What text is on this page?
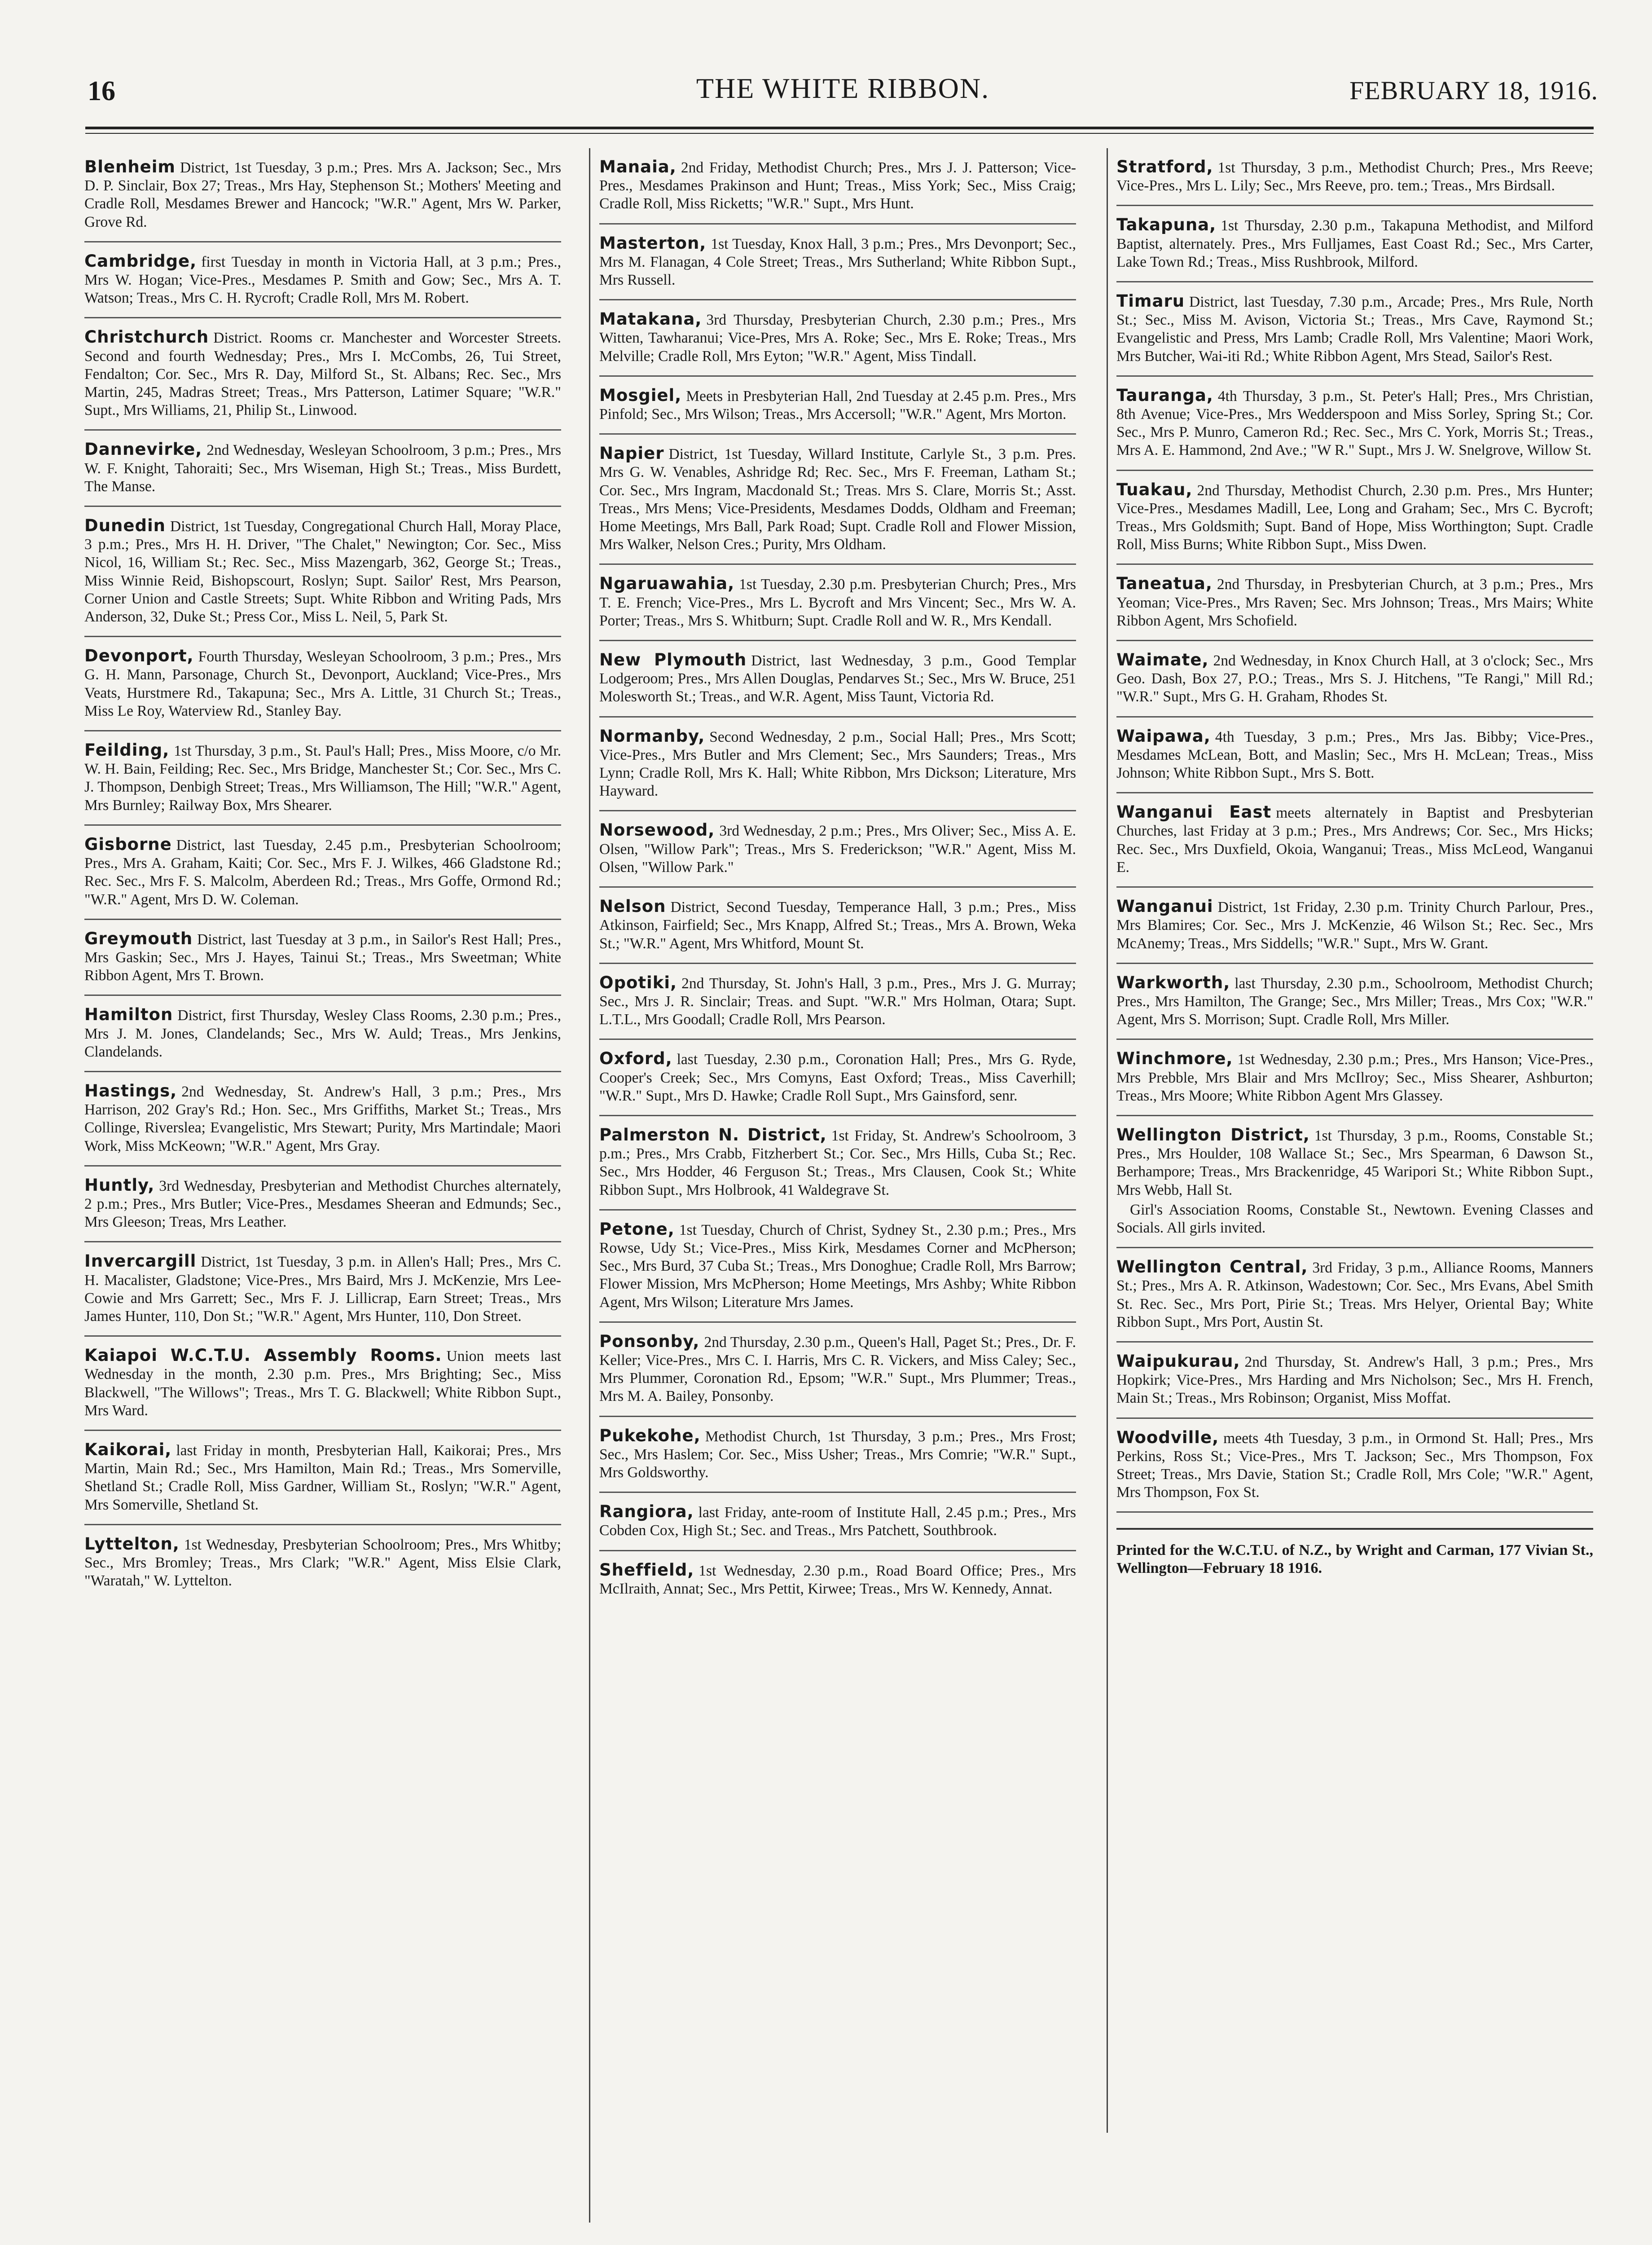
16	THE WHITE RIBBON.	FEBRUARY 18, 1916.
Blenheim District, 1st Tuesday, 3 p.m.; Pres. Mrs A. Jackson; Sec., Mrs D. P. Sinclair, Box 27; Treas., Mrs Hay, Stephenson St.; Mothers' Meeting and Cradle Roll, Mesdames Brewer and Hancock; "W.R." Agent, Mrs W. Parker, Grove Rd.
Cambridge, first Tuesday in month in Victoria Hall, at 3 p.m.; Pres., Mrs W. Hogan; Vice-Pres., Mesdames P. Smith and Gow; Sec., Mrs A. T. Watson; Treas., Mrs C. H. Rycroft; Cradle Roll, Mrs M. Robert.
Christchurch District. Rooms cr. Manchester and Worcester Streets. Second and fourth Wednesday; Pres., Mrs I. McCombs, 26, Tui Street, Fendalton; Cor. Sec., Mrs R. Day, Milford St., St. Albans; Rec. Sec., Mrs Martin, 245, Madras Street; Treas., Mrs Patterson, Latimer Square; "W.R." Supt., Mrs Williams, 21, Philip St., Linwood.
Dannevirke, 2nd Wednesday, Wesleyan Schoolroom, 3 p.m.; Pres., Mrs W. F. Knight, Tahoraiti; Sec., Mrs Wiseman, High St.; Treas., Miss Burdett, The Manse.
Dunedin District, 1st Tuesday, Congregational Church Hall, Moray Place, 3 p.m.; Pres., Mrs H. H. Driver, "The Chalet," Newington; Cor. Sec., Miss Nicol, 16, William St.; Rec. Sec., Miss Mazengarb, 362, George St.; Treas., Miss Winnie Reid, Bishopscourt, Roslyn; Supt. Sailor' Rest, Mrs Pearson, Corner Union and Castle Streets; Supt. White Ribbon and Writing Pads, Mrs Anderson, 32, Duke St.; Press Cor., Miss L. Neil, 5, Park St.
Devonport, Fourth Thursday, Wesleyan Schoolroom, 3 p.m.; Pres., Mrs G. H. Mann, Parsonage, Church St., Devonport, Auckland; Vice-Pres., Mrs Veats, Hurstmere Rd., Takapuna; Sec., Mrs A. Little, 31 Church St.; Treas., Miss Le Roy, Waterview Rd., Stanley Bay.
Feilding, 1st Thursday, 3 p.m., St. Paul's Hall; Pres., Miss Moore, c/o Mr. W. H. Bain, Feilding; Rec. Sec., Mrs Bridge, Manchester St.; Cor. Sec., Mrs C. J. Thompson, Denbigh Street; Treas., Mrs Williamson, The Hill; "W.R." Agent, Mrs Burnley; Railway Box, Mrs Shearer.
Gisborne District, last Tuesday, 2.45 p.m., Presbyterian Schoolroom; Pres., Mrs A. Graham, Kaiti; Cor. Sec., Mrs F. J. Wilkes, 466 Gladstone Rd.; Rec. Sec., Mrs F. S. Malcolm, Aberdeen Rd.; Treas., Mrs Goffe, Ormond Rd.; "W.R." Agent, Mrs D. W. Coleman.
Greymouth District, last Tuesday at 3 p.m., in Sailor's Rest Hall; Pres., Mrs Gaskin; Sec., Mrs J. Hayes, Tainui St.; Treas., Mrs Sweetman; White Ribbon Agent, Mrs T. Brown.
Hamilton District, first Thursday, Wesley Class Rooms, 2.30 p.m.; Pres., Mrs J. M. Jones, Clandelands; Sec., Mrs W. Auld; Treas., Mrs Jenkins, Clandelands.
Hastings, 2nd Wednesday, St. Andrew's Hall, 3 p.m.; Pres., Mrs Harrison, 202 Gray's Rd.; Hon. Sec., Mrs Griffiths, Market St.; Treas., Mrs Collinge, Riverslea; Evangelistic, Mrs Stewart; Purity, Mrs Martindale; Maori Work, Miss McKeown; "W.R." Agent, Mrs Gray.
Huntly, 3rd Wednesday, Presbyterian and Methodist Churches alternately, 2 p.m.; Pres., Mrs Butler; Vice-Pres., Mesdames Sheeran and Edmunds; Sec., Mrs Gleeson; Treas, Mrs Leather.
Invercargill District, 1st Tuesday, 3 p.m. in Allen's Hall; Pres., Mrs C. H. Macalister, Gladstone; Vice-Pres., Mrs Baird, Mrs J. McKenzie, Mrs Lee-Cowie and Mrs Garrett; Sec., Mrs F. J. Lillicrap, Earn Street; Treas., Mrs James Hunter, 110, Don St.; "W.R." Agent, Mrs Hunter, 110, Don Street.
Kaiapoi W.C.T.U. Assembly Rooms. Union meets last Wednesday in the month, 2.30 p.m. Pres., Mrs Brighting; Sec., Miss Blackwell, "The Willows"; Treas., Mrs T. G. Blackwell; White Ribbon Supt., Mrs Ward.
Kaikorai, last Friday in month, Presbyterian Hall, Kaikorai; Pres., Mrs Martin, Main Rd.; Sec., Mrs Hamilton, Main Rd.; Treas., Mrs Somerville, Shetland St.; Cradle Roll, Miss Gardner, William St., Roslyn; "W.R." Agent, Mrs Somerville, Shetland St.
Lyttelton, 1st Wednesday, Presbyterian Schoolroom; Pres., Mrs Whitby; Sec., Mrs Bromley; Treas., Mrs Clark; "W.R." Agent, Miss Elsie Clark, "Waratah," W. Lyttelton.
Manaia, 2nd Friday, Methodist Church; Pres., Mrs J. J. Patterson; Vice-Pres., Mesdames Prakinson and Hunt; Treas., Miss York; Sec., Miss Craig; Cradle Roll, Miss Ricketts; "W.R." Supt., Mrs Hunt.
Masterton, 1st Tuesday, Knox Hall, 3 p.m.; Pres., Mrs Devonport; Sec., Mrs M. Flanagan, 4 Cole Street; Treas., Mrs Sutherland; White Ribbon Supt., Mrs Russell.
Matakana, 3rd Thursday, Presbyterian Church, 2.30 p.m.; Pres., Mrs Witten, Tawharanui; Vice-Pres, Mrs A. Roke; Sec., Mrs E. Roke; Treas., Mrs Melville; Cradle Roll, Mrs Eyton; "W.R." Agent, Miss Tindall.
Mosgiel, Meets in Presbyterian Hall, 2nd Tuesday at 2.45 p.m. Pres., Mrs Pinfold; Sec., Mrs Wilson; Treas., Mrs Accersoll; "W.R." Agent, Mrs Morton.
Napier District, 1st Tuesday, Willard Institute, Carlyle St., 3 p.m. Pres. Mrs G. W. Venables, Ashridge Rd; Rec. Sec., Mrs F. Freeman, Latham St.; Cor. Sec., Mrs Ingram, Macdonald St.; Treas. Mrs S. Clare, Morris St.; Asst. Treas., Mrs Mens; Vice-Presidents, Mesdames Dodds, Oldham and Freeman; Home Meetings, Mrs Ball, Park Road; Supt. Cradle Roll and Flower Mission, Mrs Walker, Nelson Cres.; Purity, Mrs Oldham.
Ngaruawahia, 1st Tuesday, 2.30 p.m. Presbyterian Church; Pres., Mrs T. E. French; Vice-Pres., Mrs L. Bycroft and Mrs Vincent; Sec., Mrs W. A. Porter; Treas., Mrs S. Whitburn; Supt. Cradle Roll and W. R., Mrs Kendall.
New Plymouth District, last Wednesday, 3 p.m., Good Templar Lodgeroom; Pres., Mrs Allen Douglas, Pendarves St.; Sec., Mrs W. Bruce, 251 Molesworth St.; Treas., and W.R. Agent, Miss Taunt, Victoria Rd.
Normanby, Second Wednesday, 2 p.m., Social Hall; Pres., Mrs Scott; Vice-Pres., Mrs Butler and Mrs Clement; Sec., Mrs Saunders; Treas., Mrs Lynn; Cradle Roll, Mrs K. Hall; White Ribbon, Mrs Dickson; Literature, Mrs Hayward.
Norsewood, 3rd Wednesday, 2 p.m.; Pres., Mrs Oliver; Sec., Miss A. E. Olsen, "Willow Park"; Treas., Mrs S. Frederickson; "W.R." Agent, Miss M. Olsen, "Willow Park."
Nelson District, Second Tuesday, Temperance Hall, 3 p.m.; Pres., Miss Atkinson, Fairfield; Sec., Mrs Knapp, Alfred St.; Treas., Mrs A. Brown, Weka St.; "W.R." Agent, Mrs Whitford, Mount St.
Opotiki, 2nd Thursday, St. John's Hall, 3 p.m., Pres., Mrs J. G. Murray; Sec., Mrs J. R. Sinclair; Treas. and Supt. "W.R." Mrs Holman, Otara; Supt. L.T.L., Mrs Goodall; Cradle Roll, Mrs Pearson.
Oxford, last Tuesday, 2.30 p.m., Coronation Hall; Pres., Mrs G. Ryde, Cooper's Creek; Sec., Mrs Comyns, East Oxford; Treas., Miss Caverhill; "W.R." Supt., Mrs D. Hawke; Cradle Roll Supt., Mrs Gainsford, senr.
Palmerston N. District, 1st Friday, St. Andrew's Schoolroom, 3 p.m.; Pres., Mrs Crabb, Fitzherbert St.; Cor. Sec., Mrs Hills, Cuba St.; Rec. Sec., Mrs Hodder, 46 Ferguson St.; Treas., Mrs Clausen, Cook St.; White Ribbon Supt., Mrs Holbrook, 41 Waldegrave St.
Petone, 1st Tuesday, Church of Christ, Sydney St., 2.30 p.m.; Pres., Mrs Rowse, Udy St.; Vice-Pres., Miss Kirk, Mesdames Corner and McPherson; Sec., Mrs Burd, 37 Cuba St.; Treas., Mrs Donoghue; Cradle Roll, Mrs Barrow; Flower Mission, Mrs McPherson; Home Meetings, Mrs Ashby; White Ribbon Agent, Mrs Wilson; Literature Mrs James.
Ponsonby, 2nd Thursday, 2.30 p.m., Queen's Hall, Paget St.; Pres., Dr. F. Keller; Vice-Pres., Mrs C. I. Harris, Mrs C. R. Vickers, and Miss Caley; Sec., Mrs Plummer, Coronation Rd., Epsom; "W.R." Supt., Mrs Plummer; Treas., Mrs M. A. Bailey, Ponsonby.
Pukekohe, Methodist Church, 1st Thursday, 3 p.m.; Pres., Mrs Frost; Sec., Mrs Haslem; Cor. Sec., Miss Usher; Treas., Mrs Comrie; "W.R." Supt., Mrs Goldsworthy.
Rangiora, last Friday, ante-room of Institute Hall, 2.45 p.m.; Pres., Mrs Cobden Cox, High St.; Sec. and Treas., Mrs Patchett, Southbrook.
Sheffield, 1st Wednesday, 2.30 p.m., Road Board Office; Pres., Mrs McIlraith, Annat; Sec., Mrs Pettit, Kirwee; Treas., Mrs W. Kennedy, Annat.
Stratford, 1st Thursday, 3 p.m., Methodist Church; Pres., Mrs Reeve; Vice-Pres., Mrs L. Lily; Sec., Mrs Reeve, pro. tem.; Treas., Mrs Birdsall.
Takapuna, 1st Thursday, 2.30 p.m., Takapuna Methodist, and Milford Baptist, alternately. Pres., Mrs Fulljames, East Coast Rd.; Sec., Mrs Carter, Lake Town Rd.; Treas., Miss Rushbrook, Milford.
Timaru District, last Tuesday, 7.30 p.m., Arcade; Pres., Mrs Rule, North St.; Sec., Miss M. Avison, Victoria St.; Treas., Mrs Cave, Raymond St.; Evangelistic and Press, Mrs Lamb; Cradle Roll, Mrs Valentine; Maori Work, Mrs Butcher, Wai-iti Rd.; White Ribbon Agent, Mrs Stead, Sailor's Rest.
Tauranga, 4th Thursday, 3 p.m., St. Peter's Hall; Pres., Mrs Christian, 8th Avenue; Vice-Pres., Mrs Wedderspoon and Miss Sorley, Spring St.; Cor. Sec., Mrs P. Munro, Cameron Rd.; Rec. Sec., Mrs C. York, Morris St.; Treas., Mrs A. E. Hammond, 2nd Ave.; "W R." Supt., Mrs J. W. Snelgrove, Willow St.
Tuakau, 2nd Thursday, Methodist Church, 2.30 p.m. Pres., Mrs Hunter; Vice-Pres., Mesdames Madill, Lee, Long and Graham; Sec., Mrs C. Bycroft; Treas., Mrs Goldsmith; Supt. Band of Hope, Miss Worthington; Supt. Cradle Roll, Miss Burns; White Ribbon Supt., Miss Dwen.
Taneatua, 2nd Thursday, in Presbyterian Church, at 3 p.m.; Pres., Mrs Yeoman; Vice-Pres., Mrs Raven; Sec. Mrs Johnson; Treas., Mrs Mairs; White Ribbon Agent, Mrs Schofield.
Waimate, 2nd Wednesday, in Knox Church Hall, at 3 o'clock; Sec., Mrs Geo. Dash, Box 27, P.O.; Treas., Mrs S. J. Hitchens, "Te Rangi," Mill Rd.; "W.R." Supt., Mrs G. H. Graham, Rhodes St.
Waipawa, 4th Tuesday, 3 p.m.; Pres., Mrs Jas. Bibby; Vice-Pres., Mesdames McLean, Bott, and Maslin; Sec., Mrs H. McLean; Treas., Miss Johnson; White Ribbon Supt., Mrs S. Bott.
Wanganui East meets alternately in Baptist and Presbyterian Churches, last Friday at 3 p.m.; Pres., Mrs Andrews; Cor. Sec., Mrs Hicks; Rec. Sec., Mrs Duxfield, Okoia, Wanganui; Treas., Miss McLeod, Wanganui E.
Wanganui District, 1st Friday, 2.30 p.m. Trinity Church Parlour, Pres., Mrs Blamires; Cor. Sec., Mrs J. McKenzie, 46 Wilson St.; Rec. Sec., Mrs McAnemy; Treas., Mrs Siddells; "W.R." Supt., Mrs W. Grant.
Warkworth, last Thursday, 2.30 p.m., Schoolroom, Methodist Church; Pres., Mrs Hamilton, The Grange; Sec., Mrs Miller; Treas., Mrs Cox; "W.R." Agent, Mrs S. Morrison; Supt. Cradle Roll, Mrs Miller.
Winchmore, 1st Wednesday, 2.30 p.m.; Pres., Mrs Hanson; Vice-Pres., Mrs Prebble, Mrs Blair and Mrs McIlroy; Sec., Miss Shearer, Ashburton; Treas., Mrs Moore; White Ribbon Agent Mrs Glassey.
Wellington District, 1st Thursday, 3 p.m., Rooms, Constable St.; Pres., Mrs Houlder, 108 Wallace St.; Sec., Mrs Spearman, 6 Dawson St., Berhampore; Treas., Mrs Brackenridge, 45 Waripori St.; White Ribbon Supt., Mrs Webb, Hall St.
Girl's Association Rooms, Constable St., Newtown. Evening Classes and Socials. All girls invited.
Wellington Central, 3rd Friday, 3 p.m., Alliance Rooms, Manners St.; Pres., Mrs A. R. Atkinson, Wadestown; Cor. Sec., Mrs Evans, Abel Smith St. Rec. Sec., Mrs Port, Pirie St.; Treas. Mrs Helyer, Oriental Bay; White Ribbon Supt., Mrs Port, Austin St.
Waipukurau, 2nd Thursday, St. Andrew's Hall, 3 p.m.; Pres., Mrs Hopkirk; Vice-Pres., Mrs Harding and Mrs Nicholson; Sec., Mrs H. French, Main St.; Treas., Mrs Robinson; Organist, Miss Moffat.
Woodville, meets 4th Tuesday, 3 p.m., in Ormond St. Hall; Pres., Mrs Perkins, Ross St.; Vice-Pres., Mrs T. Jackson; Sec., Mrs Thompson, Fox Street; Treas., Mrs Davie, Station St.; Cradle Roll, Mrs Cole; "W.R." Agent, Mrs Thompson, Fox St.
Printed for the W.C.T.U. of N.Z., by Wright and Carman, 177 Vivian St., Wellington—February 18 1916.
